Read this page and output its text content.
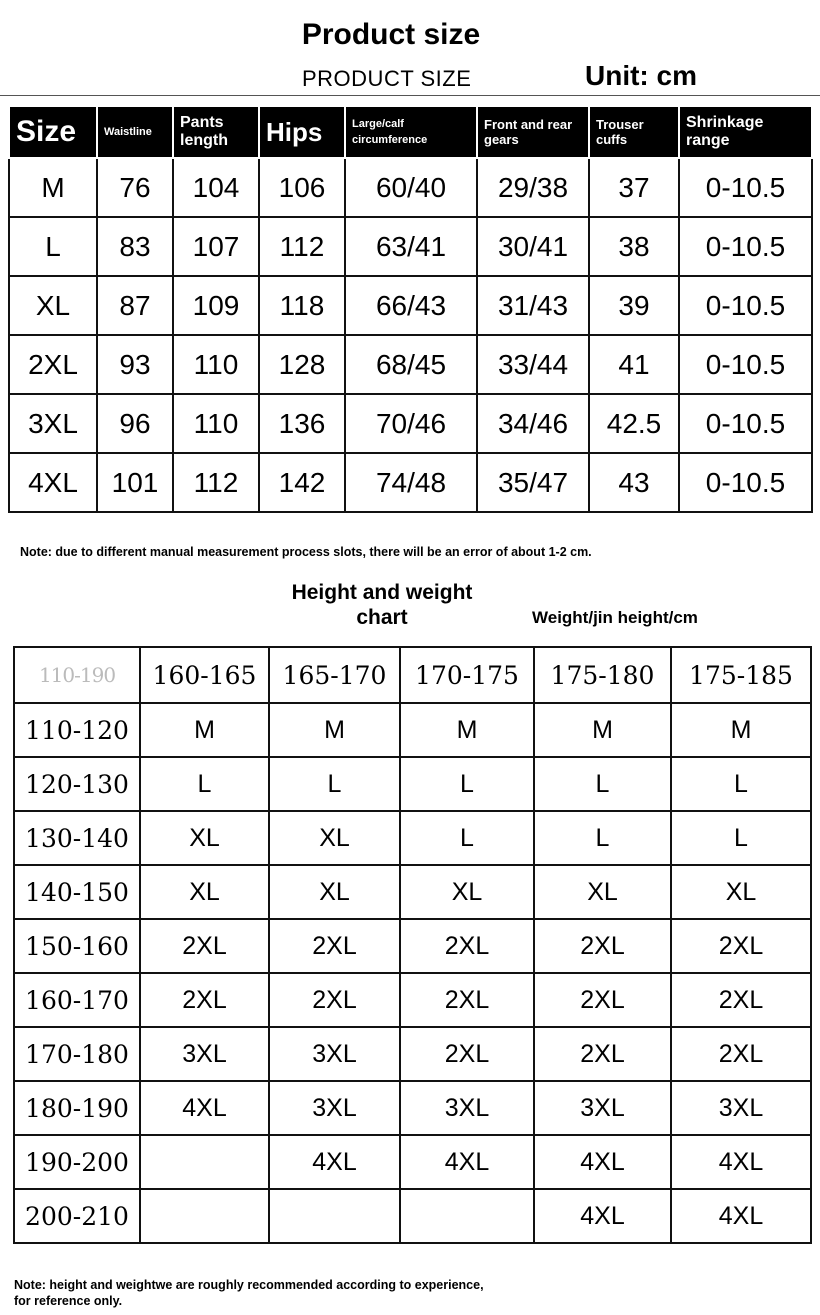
Product size
PRODUCT SIZE	Unit: cm
Size	Waistline	Pants length	Hips	Large/calf circumference	Front and rear gears	Trouser cuffs	Shrinkage range
M	76	104	106	60/40	29/38	37	0-10.5
L	83	107	112	63/41	30/41	38	0-10.5
XL	87	109	118	66/43	31/43	39	0-10.5
2XL	93	110	128	68/45	33/44	41	0-10.5
3XL	96	110	136	70/46	34/46	42.5	0-10.5
4XL	101	112	142	74/48	35/47	43	0-10.5
Note: due to different manual measurement process slots, there will be an error of about 1-2 cm.
Height and weight chart	Weight/jin height/cm
110-190	160-165	165-170	170-175	175-180	175-185
110-120	M	M	M	M	M
120-130	L	L	L	L	L
130-140	XL	XL	L	L	L
140-150	XL	XL	XL	XL	XL
150-160	2XL	2XL	2XL	2XL	2XL
160-170	2XL	2XL	2XL	2XL	2XL
170-180	3XL	3XL	2XL	2XL	2XL
180-190	4XL	3XL	3XL	3XL	3XL
190-200		4XL	4XL	4XL	4XL
200-210				4XL	4XL
Note: height and weightwe are roughly recommended according to experience,
for reference only.
